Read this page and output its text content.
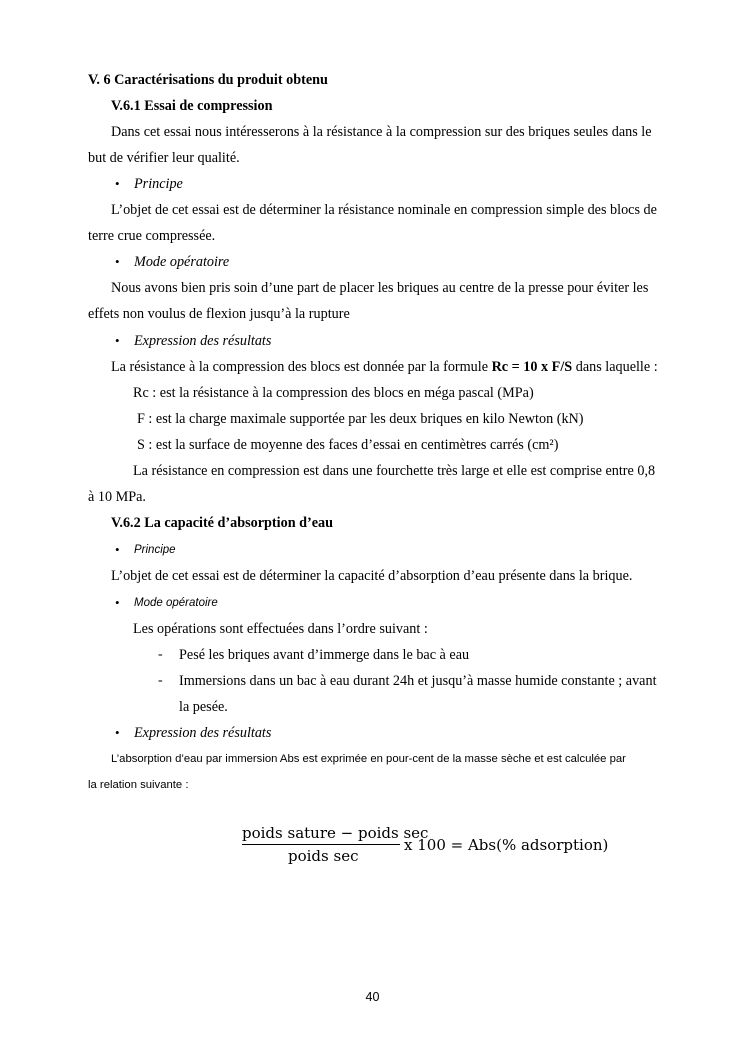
V. 6 Caractérisations du produit obtenu
V.6.1 Essai de compression
Dans cet essai nous intéresserons à la résistance à la compression sur des briques seules dans le
but de vérifier leur qualité.
• Principe
L’objet de cet essai est de déterminer la résistance nominale en compression simple des blocs de
terre crue compressée.
• Mode opératoire
Nous avons bien pris soin d’une part de placer les briques au centre de la presse pour éviter les
effets non voulus de flexion jusqu’à la rupture
• Expression des résultats
La résistance à la compression des blocs est donnée par la formule Rc = 10 x F/S dans laquelle :
Rc : est la résistance à la compression des blocs en méga pascal (MPa)
F : est la charge maximale supportée par les deux briques en kilo Newton (kN)
S : est la surface de moyenne des faces d’essai en centimètres carrés (cm²)
La résistance en compression est dans une fourchette très large et elle est comprise entre 0,8
à 10 MPa.
V.6.2 La capacité d’absorption d’eau
• Principe
L’objet de cet essai est de déterminer la capacité d’absorption d’eau présente dans la brique.
• Mode opératoire
Les opérations sont effectuées dans l’ordre suivant :
- Pesé les briques avant d’immerge dans le bac à eau
- Immersions dans un bac à eau durant 24h et jusqu’à masse humide constante ; avant
la pesée.
• Expression des résultats
L’absorption d’eau par immersion Abs est exprimée en pour-cent de la masse sèche et est calculée par
la relation suivante :
poids sature − poids sec
poids sec
x 100 = Abs(% adsorption)
40
